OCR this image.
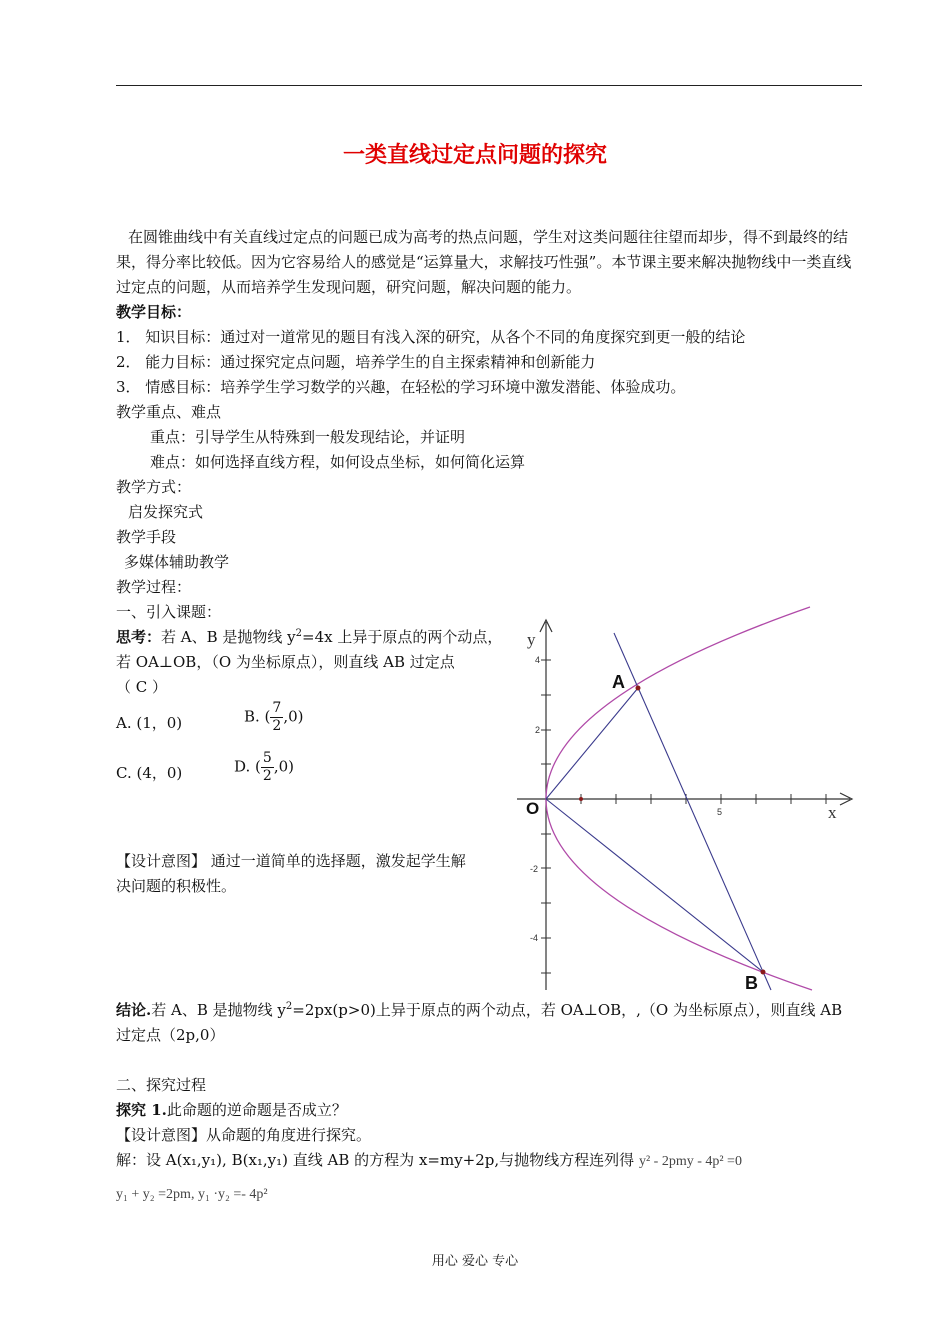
一类直线过定点问题的探究
在圆锥曲线中有关直线过定点的问题已成为高考的热点问题，学生对这类问题往往望而却步，得不到最终的结果，得分率比较低。因为它容易给人的感觉是“运算量大，求解技巧性强”。本节课主要来解决抛物线中一类直线过定点的问题，从而培养学生发现问题，研究问题，解决问题的能力。
教学目标：
1． 知识目标：通过对一道常见的题目有浅入深的研究，从各个不同的角度探究到更一般的结论
2． 能力目标：通过探究定点问题，培养学生的自主探索精神和创新能力
3． 情感目标：培养学生学习数学的兴趣，在轻松的学习环境中激发潜能、体验成功。
教学重点、难点
重点：引导学生从特殊到一般发现结论，并证明
难点：如何选择直线方程，如何设点坐标，如何简化运算
教学方式：
启发探究式
教学手段
多媒体辅助教学
教学过程：
一、引入课题：
思考：若 A、B 是抛物线 $y^2=4x$ 上异于原点的两个动点，
若 OA⊥OB，（O 为坐标原点），则直线 AB 过定点
（ C ）
A. (1，0)	B. ( $\frac{7}{2} ,0$)
C. (4，0)	D. ( $\frac{5}{2} ,0$)
【设计意图】 通过一道简单的选择题，激发起学生解
决问题的积极性。
y
x
O
A
B
4
2
-2
-4
5
结论.若 A、B 是抛物线 $y^2=2px(p>0)$上异于原点的两个动点，若 OA⊥OB，,（O 为坐标原点），则直线 AB
过定点（2p,0）
二、探究过程
探究 1.此命题的逆命题是否成立？
【设计意图】从命题的角度进行探究。
解：设 A(x₁,y₁), B(x₁,y₁) 直线 AB 的方程为 x=my+2p,与抛物线方程连列得 y² - 2pmy - 4p² =0
y₁ + y₂ =2pm, y₁ ·y₂ =- 4p²
用心 爱心 专心
